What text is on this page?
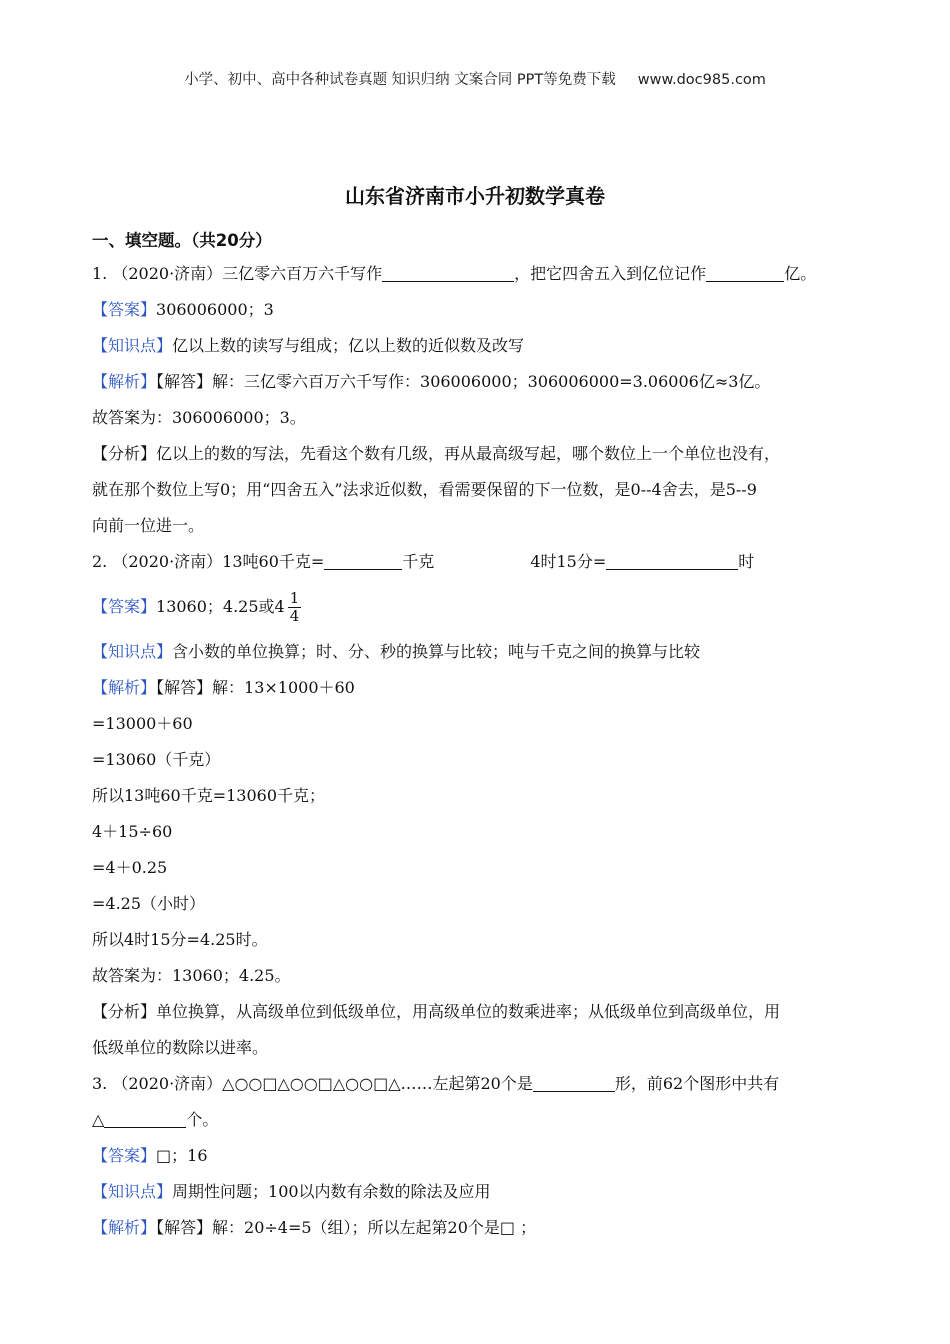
小学、初中、高中各种试卷真题 知识归纳 文案合同 PPT等免费下载 www.doc985.com
山东省济南市小升初数学真卷
一、填空题。（共20分）
1. （2020·济南）三亿零六百万六千写作	，把它四舍五入到亿位记作	亿。
【答案】306006000；3
【知识点】亿以上数的读写与组成；亿以上数的近似数及改写
【解析】【解答】解：三亿零六百万六千写作：306006000；306006000=3.06006亿≈3亿。
故答案为：306006000；3。
【分析】亿以上的数的写法，先看这个数有几级，再从最高级写起，哪个数位上一个单位也没有，
就在那个数位上写0；用“四舍五入”法求近似数，看需要保留的下一位数，是0--4舍去，是5--9
向前一位进一。
2. （2020·济南）13吨60千克=	千克	4时15分=	时
【答案】13060；4.25或$4 \frac{1}{4}$
【知识点】含小数的单位换算；时、分、秒的换算与比较；吨与千克之间的换算与比较
【解析】【解答】解：13×1000＋60
=13000＋60
=13060（千克）
所以13吨60千克=13060千克；
4＋15÷60
=4＋0.25
=4.25（小时）
所以4时15分=4.25时。
故答案为：13060；4.25。
【分析】单位换算，从高级单位到低级单位，用高级单位的数乘进率；从低级单位到高级单位，用
低级单位的数除以进率。
3. （2020·济南）△○○□△○○□△○○□△……左起第20个是	形，前62个图形中共有
△	个。
【答案】□；16
【知识点】周期性问题；100以内数有余数的除法及应用
【解析】【解答】解：20÷4=5（组）；所以左起第20个是□ ；
